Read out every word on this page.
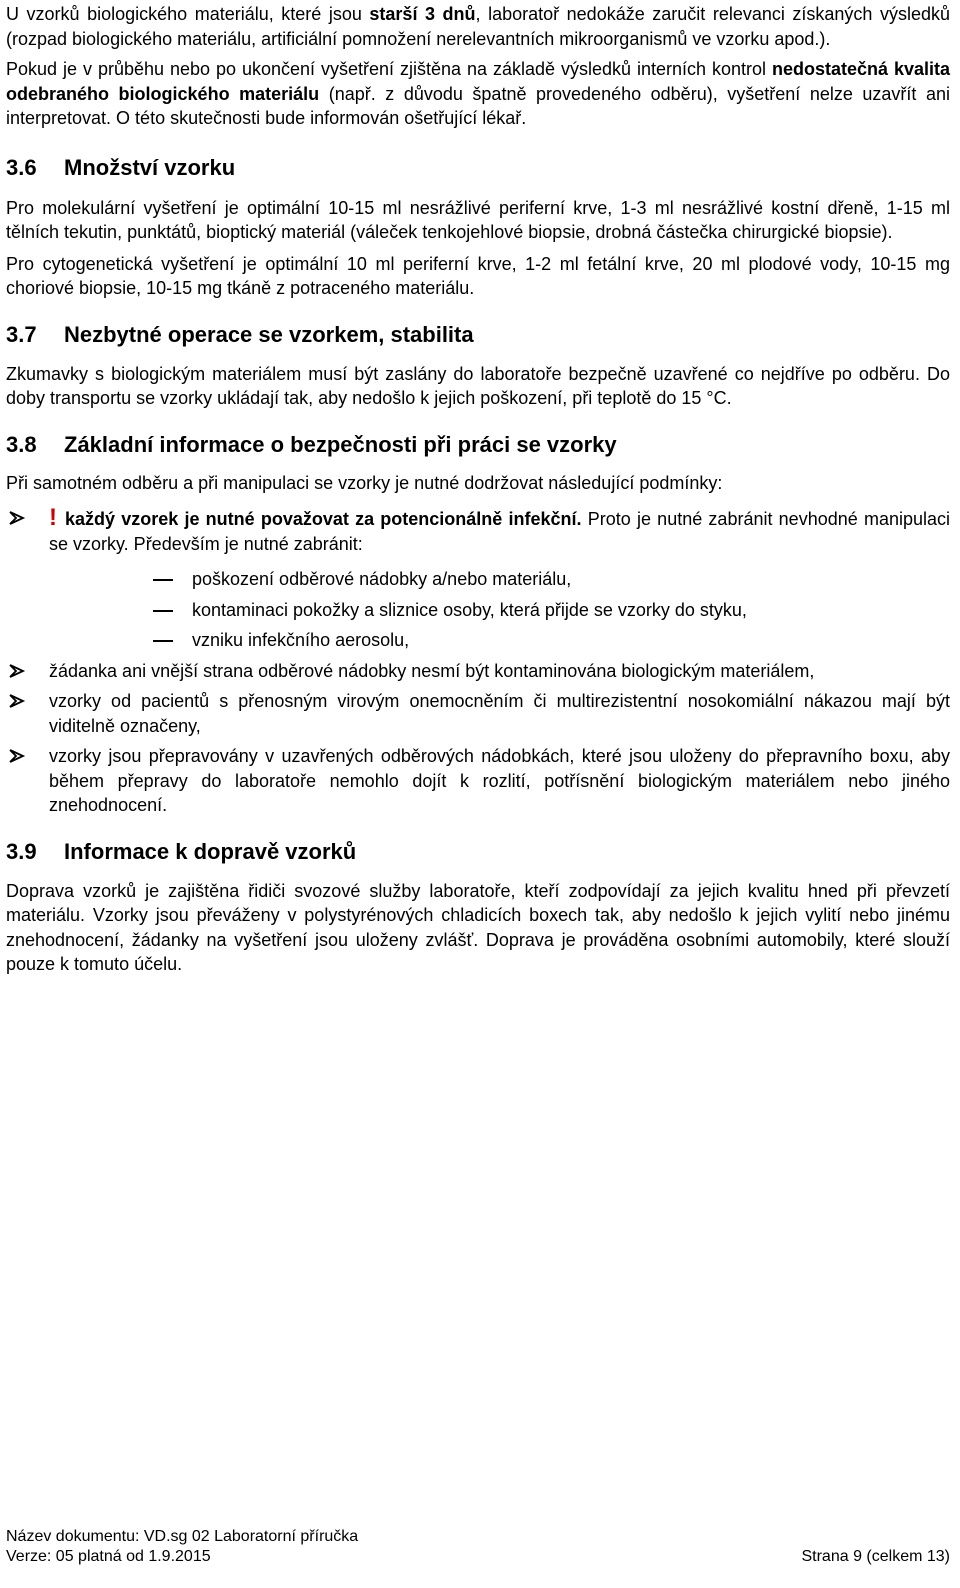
U vzorků biologického materiálu, které jsou starší 3 dnů, laboratoř nedokáže zaručit relevanci získaných výsledků (rozpad biologického materiálu, artificiální pomnožení nerelevantních mikroorganismů ve vzorku apod.).

Pokud je v průběhu nebo po ukončení vyšetření zjištěna na základě výsledků interních kontrol nedostatečná kvalita odebraného biologického materiálu (např. z důvodu špatně provedeného odběru), vyšetření nelze uzavřít ani interpretovat. O této skutečnosti bude informován ošetřující lékař.

3.6 Množství vzorku

Pro molekulární vyšetření je optimální 10-15 ml nesrážlivé periferní krve, 1-3 ml nesrážlivé kostní dřeně, 1-15 ml tělních tekutin, punktátů, bioptický materiál (váleček tenkojehlové biopsie, drobná částečka chirurgické biopsie).

Pro cytogenetická vyšetření je optimální 10 ml periferní krve, 1-2 ml fetální krve, 20 ml plodové vody, 10-15 mg choriové biopsie, 10-15 mg tkáně z potraceného materiálu.

3.7 Nezbytné operace se vzorkem, stabilita

Zkumavky s biologickým materiálem musí být zaslány do laboratoře bezpečně uzavřené co nejdříve po odběru. Do doby transportu se vzorky ukládají tak, aby nedošlo k jejich poškození, při teplotě do 15 °C.

3.8 Základní informace o bezpečnosti při práci se vzorky

Při samotném odběru a při manipulaci se vzorky je nutné dodržovat následující podmínky:

! každý vzorek je nutné považovat za potencionálně infekční. Proto je nutné zabránit nevhodné manipulaci se vzorky. Především je nutné zabránit:

poškození odběrové nádobky a/nebo materiálu,

kontaminaci pokožky a sliznice osoby, která přijde se vzorky do styku,

vzniku infekčního aerosolu,

žádanka ani vnější strana odběrové nádobky nesmí být kontaminována biologickým materiálem,

vzorky od pacientů s přenosným virovým onemocněním či multirezistentní nosokomiální nákazou mají být viditelně označeny,

vzorky jsou přepravovány v uzavřených odběrových nádobkách, které jsou uloženy do přepravního boxu, aby během přepravy do laboratoře nemohlo dojít k rozlití, potřísnění biologickým materiálem nebo jiného znehodnocení.

3.9 Informace k dopravě vzorků

Doprava vzorků je zajištěna řidiči svozové služby laboratoře, kteří zodpovídají za jejich kvalitu hned při převzetí materiálu. Vzorky jsou převáženy v polystyrénových chladicích boxech tak, aby nedošlo k jejich vylití nebo jinému znehodnocení, žádanky na vyšetření jsou uloženy zvlášť. Doprava je prováděna osobními automobily, které slouží pouze k tomuto účelu.

Název dokumentu: VD.sg 02 Laboratorní příručka
Verze: 05 platná od 1.9.2015	Strana 9 (celkem 13)
